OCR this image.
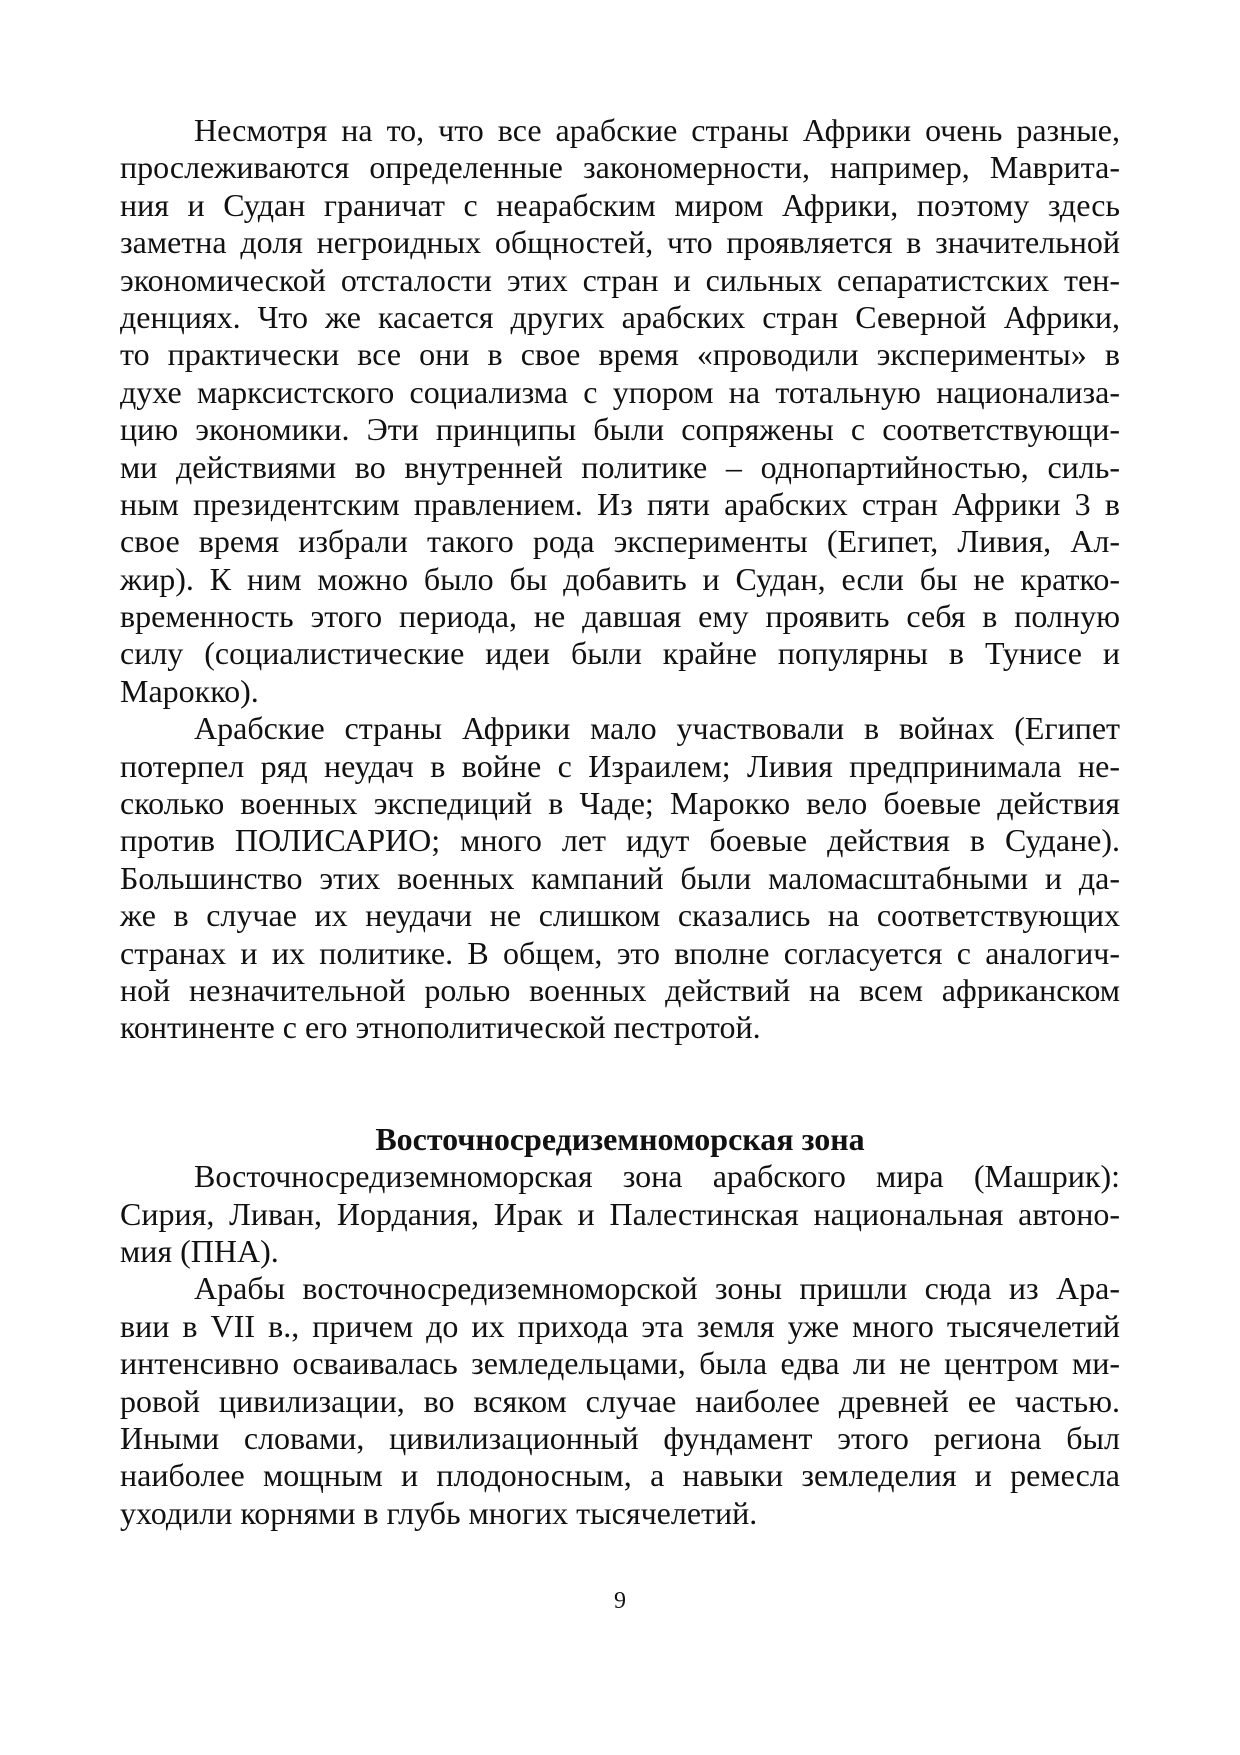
Несмотря на то, что все арабские страны Африки очень разные,
прослеживаются определенные закономерности, например, Маврита-
ния и Судан граничат с неарабским миром Африки, поэтому здесь
заметна доля негроидных общностей, что проявляется в значительной
экономической отсталости этих стран и сильных сепаратистских тен-
денциях. Что же касается других арабских стран Северной Африки,
то практически все они в свое время «проводили эксперименты» в
духе марксистского социализма с упором на тотальную национализа-
цию экономики. Эти принципы были сопряжены с соответствующи-
ми действиями во внутренней политике – однопартийностью, силь-
ным президентским правлением. Из пяти арабских стран Африки 3 в
свое время избрали такого рода эксперименты (Египет, Ливия, Ал-
жир). К ним можно было бы добавить и Судан, если бы не кратко-
временность этого периода, не давшая ему проявить себя в полную
силу (социалистические идеи были крайне популярны в Тунисе и
Марокко).
Арабские страны Африки мало участвовали в войнах (Египет
потерпел ряд неудач в войне с Израилем; Ливия предпринимала не-
сколько военных экспедиций в Чаде; Марокко вело боевые действия
против ПОЛИСАРИО; много лет идут боевые действия в Судане).
Большинство этих военных кампаний были маломасштабными и да-
же в случае их неудачи не слишком сказались на соответствующих
странах и их политике. В общем, это вполне согласуется с аналогич-
ной незначительной ролью военных действий на всем африканском
континенте с его этнополитической пестротой.
Восточносредиземноморская зона
Восточносредиземноморская зона арабского мира (Машрик):
Сирия, Ливан, Иордания, Ирак и Палестинская национальная автоно-
мия (ПНА).
Арабы восточносредиземноморской зоны пришли сюда из Ара-
вии в VII в., причем до их прихода эта земля уже много тысячелетий
интенсивно осваивалась земледельцами, была едва ли не центром ми-
ровой цивилизации, во всяком случае наиболее древней ее частью.
Иными словами, цивилизационный фундамент этого региона был
наиболее мощным и плодоносным, а навыки земледелия и ремесла
уходили корнями в глубь многих тысячелетий.
9
